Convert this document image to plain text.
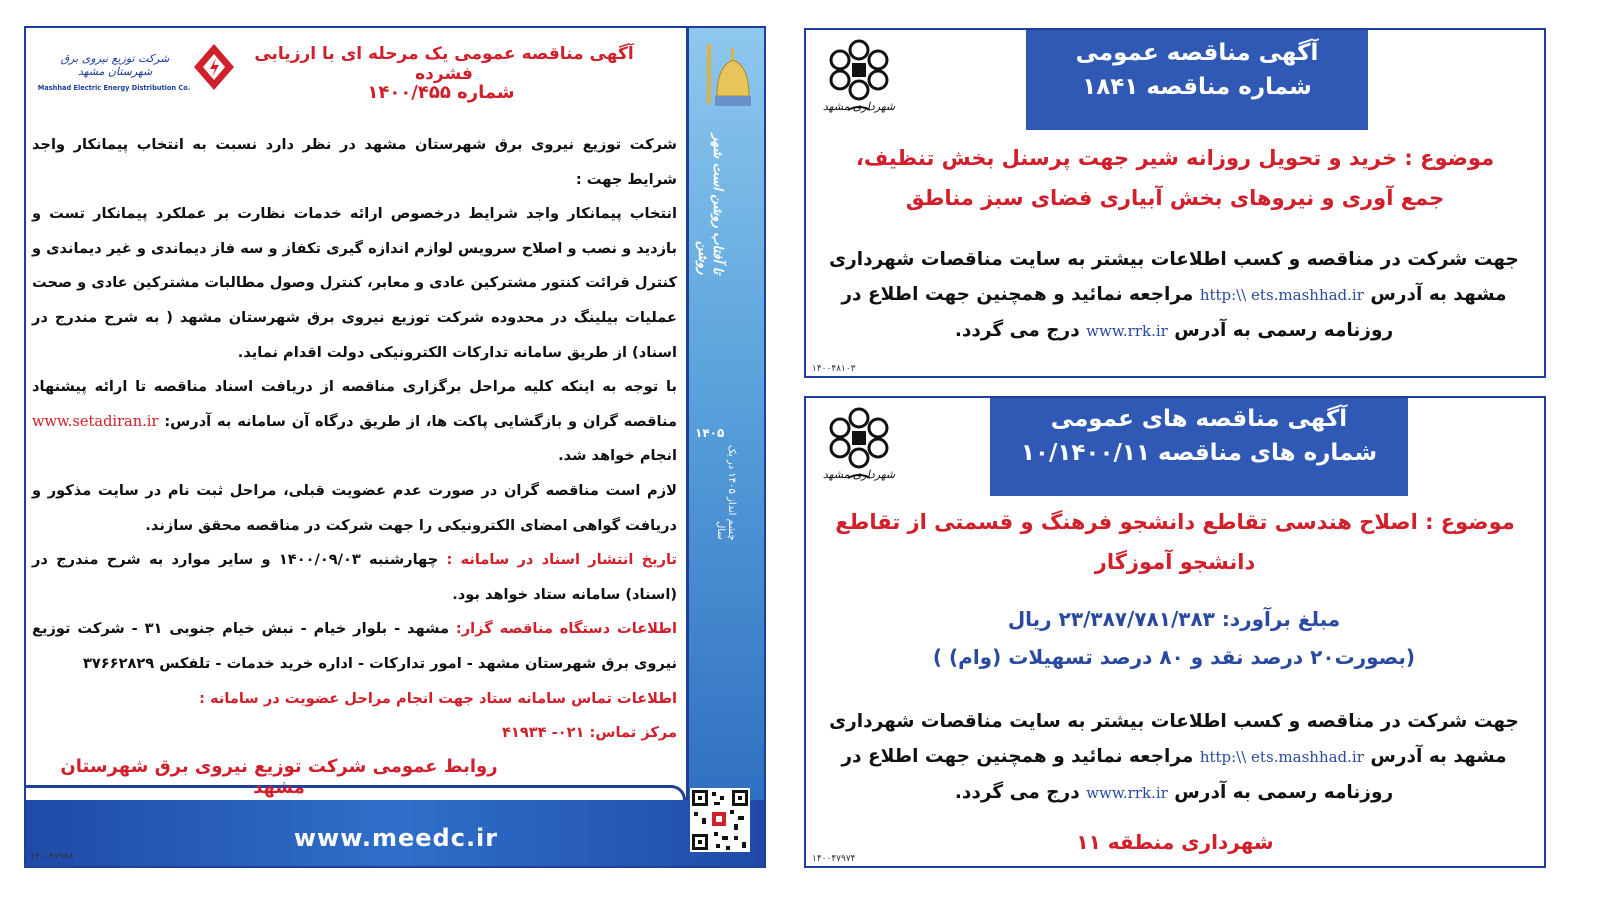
تا آفتاب روشن است شهر روشن
۱۴۰۵
چشم انداز ۱۴۰۵ در یک سال
www.meedc.ir
شرکت توزیع نیروی برق شهرستان مشهد
Mashhad Electric Energy Distribution Co.
آگهی مناقصه عمومی یک مرحله ای با ارزیابی فشرده
شماره ۱۴۰۰/۴۵۵

شرکت توزیع نیروی برق شهرستان مشهد در نظر دارد نسبت به انتخاب پیمانکار واجد شرایط جهت :

انتخاب پیمانکار واجد شرایط درخصوص ارائه خدمات نظارت بر عملکرد پیمانکار تست و بازدید و نصب و اصلاح سرویس لوازم اندازه گیری تکفاز و سه فاز دیماندی و غیر دیماندی و کنترل قرائت کنتور مشترکین عادی و معابر، کنترل وصول مطالبات مشترکین عادی و صحت عملیات بیلینگ در محدوده شرکت توزیع نیروی برق شهرستان مشهد ( به شرح مندرج در اسناد) از طریق سامانه تدارکات الکترونیکی دولت اقدام نماید.

با توجه به اینکه کلیه مراحل برگزاری مناقصه از دریافت اسناد مناقصه تا ارائه پیشنهاد مناقصه گران و بازگشایی پاکت ها، از طریق درگاه آن سامانه به آدرس: www.setadiran.ir انجام خواهد شد.

لازم است مناقصه گران در صورت عدم عضویت قبلی، مراحل ثبت نام در سایت مذکور و دریافت گواهی امضای الکترونیکی را جهت شرکت در مناقصه محقق سازند.

تاریخ انتشار اسناد در سامانه : چهارشنبه ۱۴۰۰/۰۹/۰۳ و سایر موارد به شرح مندرج در (اسناد) سامانه ستاد خواهد بود.

اطلاعات دستگاه مناقصه گزار: مشهد - بلوار خیام - نبش خیام جنوبی ۳۱ - شرکت توزیع نیروی برق شهرستان مشهد - امور تدارکات - اداره خرید خدمات - تلفکس ۳۷۶۶۲۸۲۹

اطلاعات تماس سامانه ستاد جهت انجام مراحل عضویت در سامانه :

مرکز تماس: ۰۲۱- ۴۱۹۳۴

روابط عمومی شرکت توزیع نیروی برق شهرستان مشهد
۱۴۰۰۴۷۹۶۸
شهرداری مشهد
آگهی مناقصه عمومی
شماره مناقصه ۱۸۴۱
موضوع : خرید و تحویل روزانه شیر جهت پرسنل بخش تنظیف،
جمع آوری و نیروهای بخش آبیاری فضای سبز مناطق
جهت شرکت در مناقصه و کسب اطلاعات بیشتر به سایت مناقصات شهرداری
مشهد به آدرس http:\\ ets.mashhad.ir مراجعه نمائید و همچنین جهت اطلاع در
روزنامه رسمی به آدرس www.rrk.ir درج می گردد.
۱۴۰۰۴۸۱۰۳
شهرداری مشهد
آگهی مناقصه های عمومی
شماره های مناقصه ۱۰/۱۴۰۰/۱۱
موضوع : اصلاح هندسی تقاطع دانشجو فرهنگ و قسمتی از تقاطع
دانشجو آموزگار
مبلغ برآورد: ۲۳/۳۸۷/۷۸۱/۳۸۳ ریال
(بصورت۲۰ درصد نقد و ۸۰ درصد تسهیلات (وام) )
جهت شرکت در مناقصه و کسب اطلاعات بیشتر به سایت مناقصات شهرداری
مشهد به آدرس http:\\ ets.mashhad.ir مراجعه نمائید و همچنین جهت اطلاع در
روزنامه رسمی به آدرس www.rrk.ir درج می گردد.
شهرداری منطقه ۱۱
۱۴۰۰۴۷۹۷۴
